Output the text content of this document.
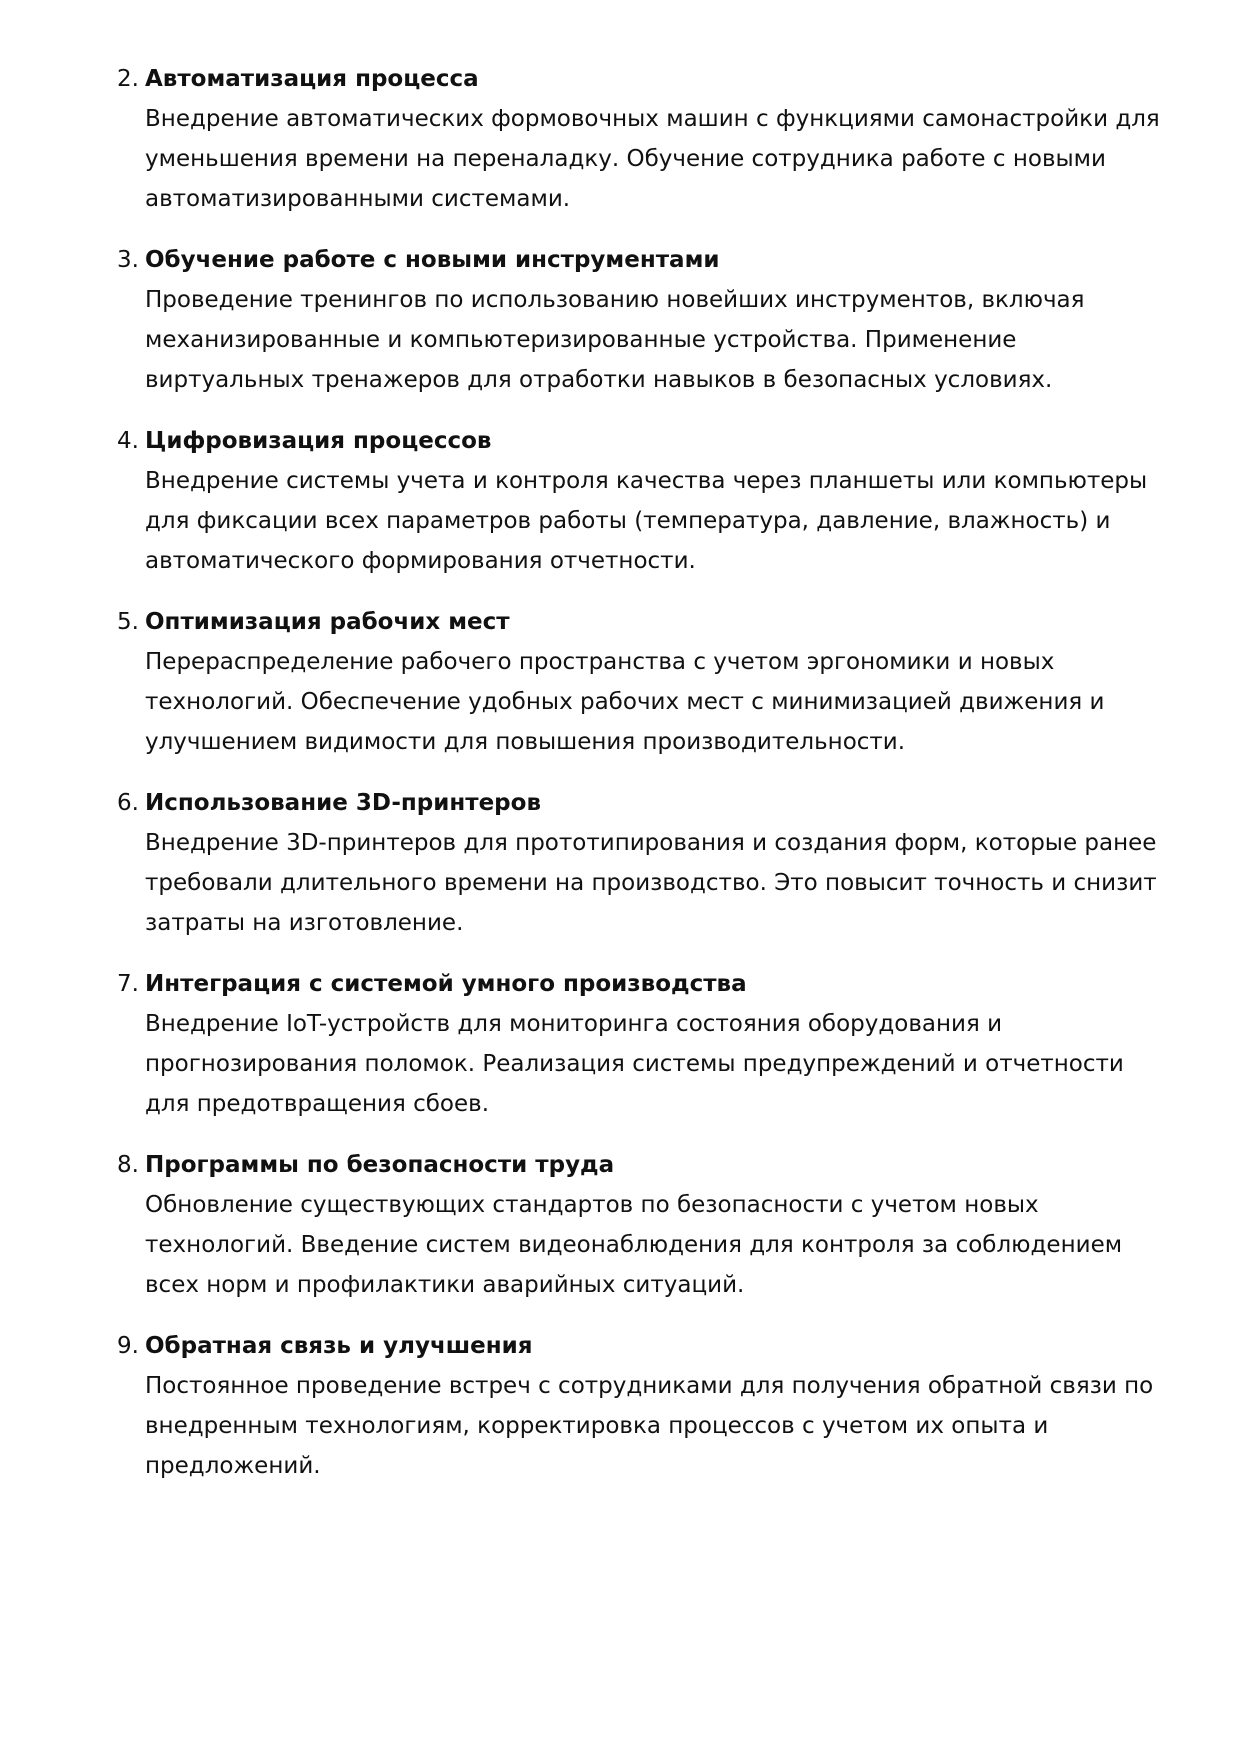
2. Автоматизация процесса
Внедрение автоматических формовочных машин с функциями самонастройки для уменьшения времени на переналадку. Обучение сотрудника работе с новыми автоматизированными системами.
3. Обучение работе с новыми инструментами
Проведение тренингов по использованию новейших инструментов, включая механизированные и компьютеризированные устройства. Применение виртуальных тренажеров для отработки навыков в безопасных условиях.
4. Цифровизация процессов
Внедрение системы учета и контроля качества через планшеты или компьютеры для фиксации всех параметров работы (температура, давление, влажность) и автоматического формирования отчетности.
5. Оптимизация рабочих мест
Перераспределение рабочего пространства с учетом эргономики и новых технологий. Обеспечение удобных рабочих мест с минимизацией движения и улучшением видимости для повышения производительности.
6. Использование 3D-принтеров
Внедрение 3D-принтеров для прототипирования и создания форм, которые ранее требовали длительного времени на производство. Это повысит точность и снизит затраты на изготовление.
7. Интеграция с системой умного производства
Внедрение IoT-устройств для мониторинга состояния оборудования и прогнозирования поломок. Реализация системы предупреждений и отчетности для предотвращения сбоев.
8. Программы по безопасности труда
Обновление существующих стандартов по безопасности с учетом новых технологий. Введение систем видеонаблюдения для контроля за соблюдением всех норм и профилактики аварийных ситуаций.
9. Обратная связь и улучшения
Постоянное проведение встреч с сотрудниками для получения обратной связи по внедренным технологиям, корректировка процессов с учетом их опыта и предложений.
